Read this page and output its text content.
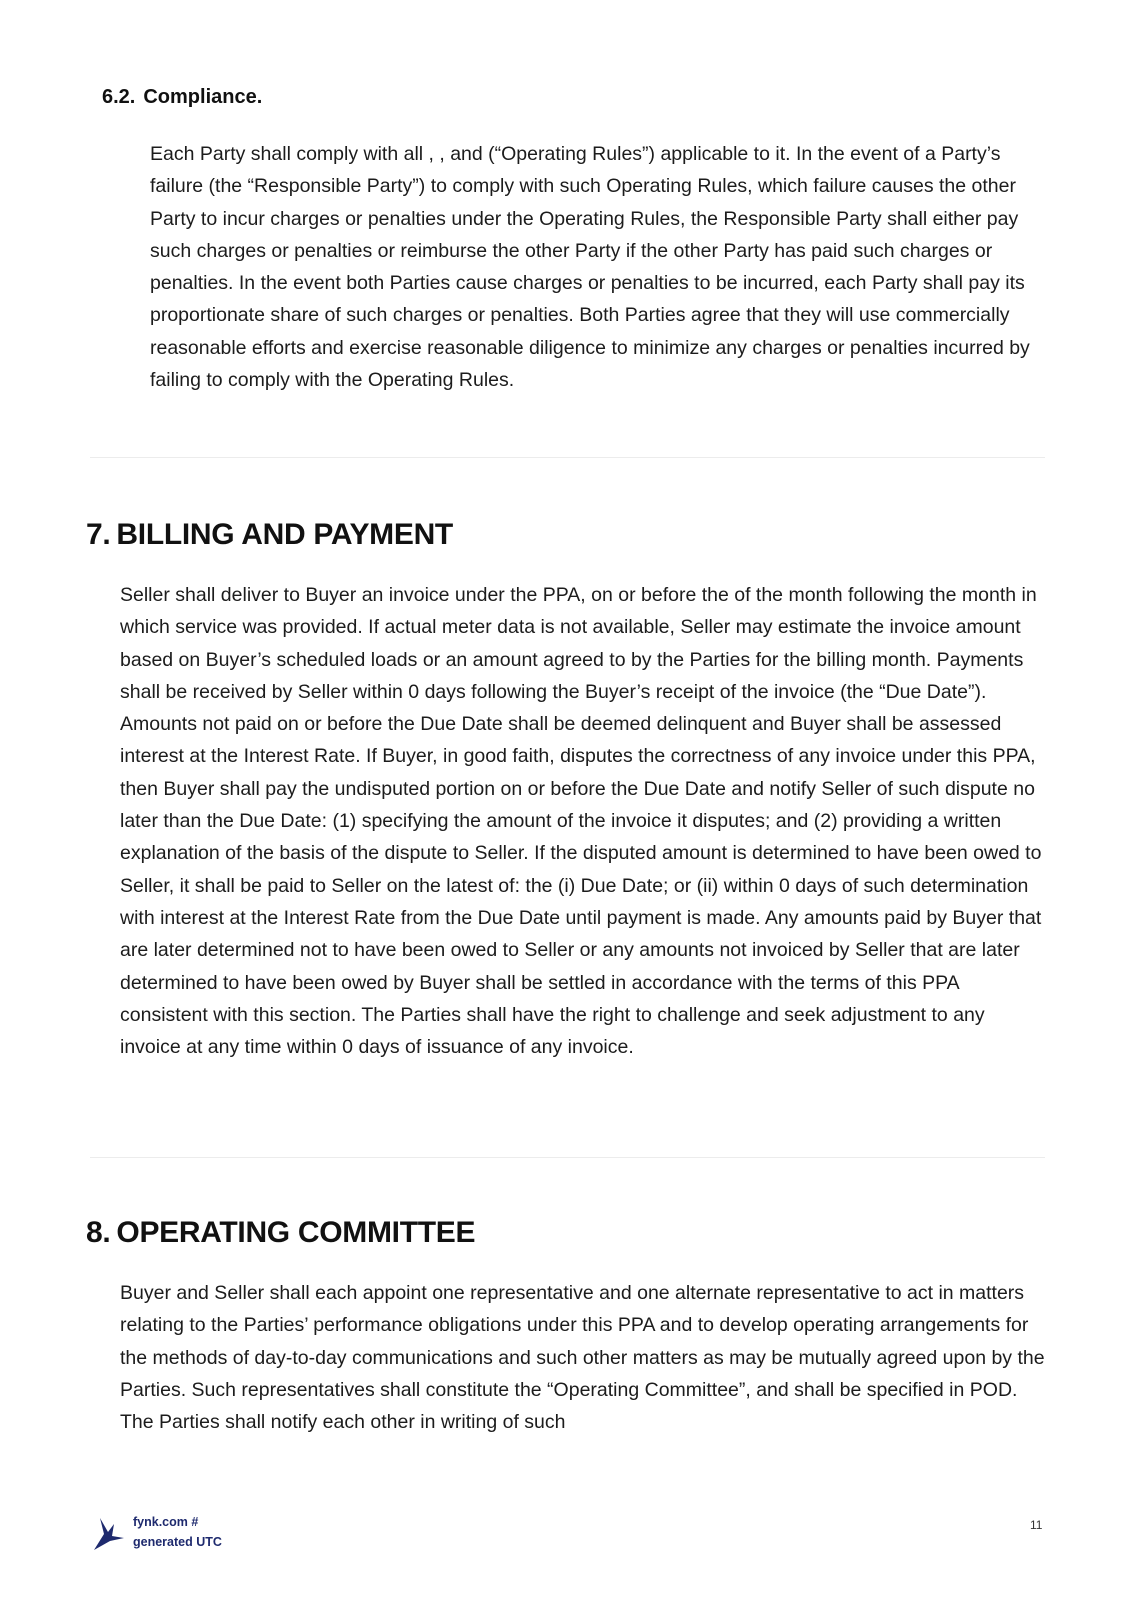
6.2. Compliance.

Each Party shall comply with all , , and (“Operating Rules”) applicable to it. In the event of a Party’s failure (the “Responsible Party”) to comply with such Operating Rules, which failure causes the other Party to incur charges or penalties under the Operating Rules, the Responsible Party shall either pay such charges or penalties or reimburse the other Party if the other Party has paid such charges or penalties. In the event both Parties cause charges or penalties to be incurred, each Party shall pay its proportionate share of such charges or penalties. Both Parties agree that they will use commercially reasonable efforts and exercise reasonable diligence to minimize any charges or penalties incurred by failing to comply with the Operating Rules.

7. BILLING AND PAYMENT

Seller shall deliver to Buyer an invoice under the PPA, on or before the of the month following the month in which service was provided. If actual meter data is not available, Seller may estimate the invoice amount based on Buyer’s scheduled loads or an amount agreed to by the Parties for the billing month. Payments shall be received by Seller within 0 days following the Buyer’s receipt of the invoice (the “Due Date”). Amounts not paid on or before the Due Date shall be deemed delinquent and Buyer shall be assessed interest at the Interest Rate. If Buyer, in good faith, disputes the correctness of any invoice under this PPA, then Buyer shall pay the undisputed portion on or before the Due Date and notify Seller of such dispute no later than the Due Date: (1) specifying the amount of the invoice it disputes; and (2) providing a written explanation of the basis of the dispute to Seller. If the disputed amount is determined to have been owed to Seller, it shall be paid to Seller on the latest of: the (i) Due Date; or (ii) within 0 days of such determination with interest at the Interest Rate from the Due Date until payment is made. Any amounts paid by Buyer that are later determined not to have been owed to Seller or any amounts not invoiced by Seller that are later determined to have been owed by Buyer shall be settled in accordance with the terms of this PPA consistent with this section. The Parties shall have the right to challenge and seek adjustment to any invoice at any time within 0 days of issuance of any invoice.

8. OPERATING COMMITTEE

Buyer and Seller shall each appoint one representative and one alternate representative to act in matters relating to the Parties’ performance obligations under this PPA and to develop operating arrangements for the methods of day-to-day communications and such other matters as may be mutually agreed upon by the Parties. Such representatives shall constitute the “Operating Committee”, and shall be specified in POD. The Parties shall notify each other in writing of such

fynk.com #
generated UTC
11
